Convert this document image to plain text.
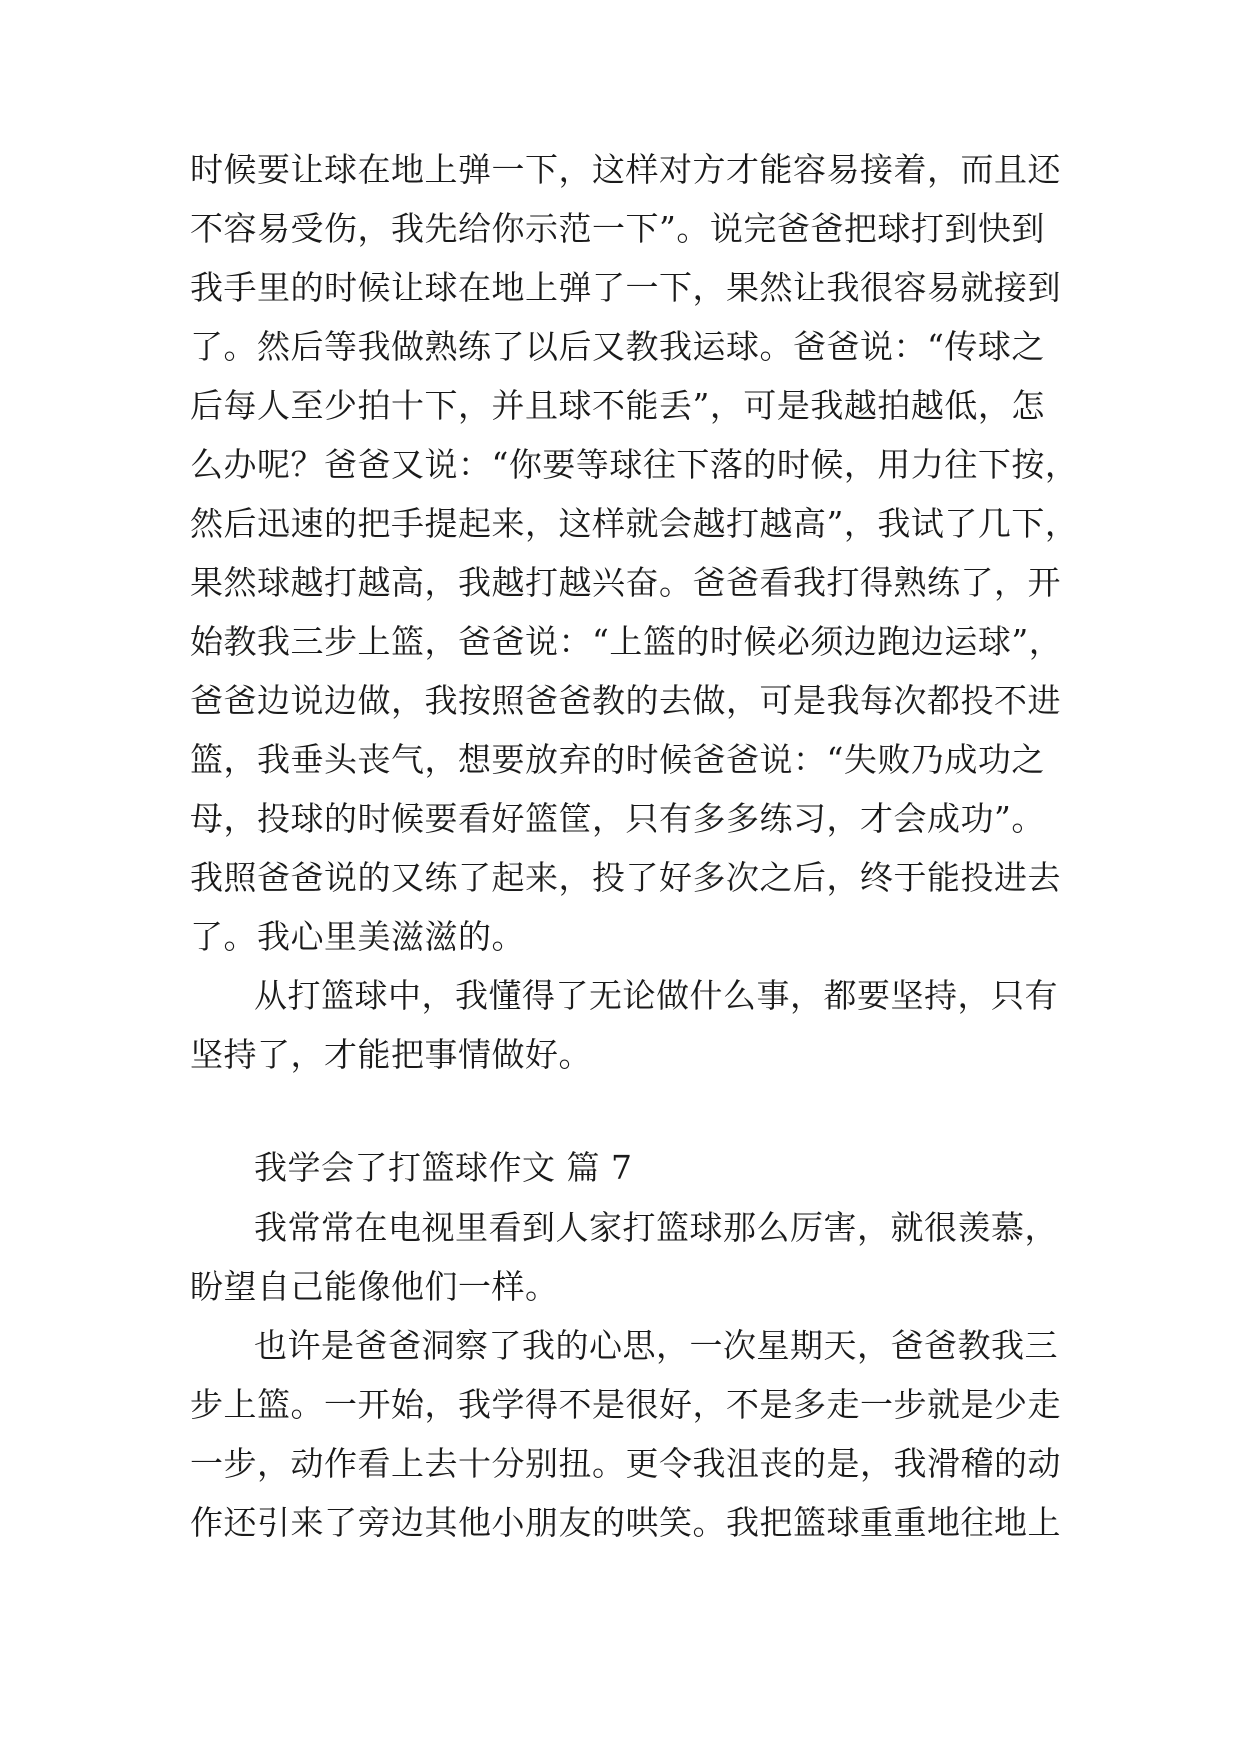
时候要让球在地上弹一下，这样对方才能容易接着，而且还
不容易受伤，我先给你示范一下”。说完爸爸把球打到快到
我手里的时候让球在地上弹了一下，果然让我很容易就接到
了。然后等我做熟练了以后又教我运球。爸爸说：“传球之
后每人至少拍十下，并且球不能丢”，可是我越拍越低，怎
么办呢？爸爸又说：“你要等球往下落的时候，用力往下按，
然后迅速的把手提起来，这样就会越打越高”，我试了几下，
果然球越打越高，我越打越兴奋。爸爸看我打得熟练了，开
始教我三步上篮，爸爸说：“上篮的时候必须边跑边运球”，
爸爸边说边做，我按照爸爸教的去做，可是我每次都投不进
篮，我垂头丧气，想要放弃的时候爸爸说：“失败乃成功之
母，投球的时候要看好篮筐，只有多多练习，才会成功”。
我照爸爸说的又练了起来，投了好多次之后，终于能投进去
了。我心里美滋滋的。
从打篮球中，我懂得了无论做什么事，都要坚持，只有
坚持了，才能把事情做好。
我学会了打篮球作文 篇 7
我常常在电视里看到人家打篮球那么厉害，就很羡慕，
盼望自己能像他们一样。
也许是爸爸洞察了我的心思，一次星期天，爸爸教我三
步上篮。一开始，我学得不是很好，不是多走一步就是少走
一步，动作看上去十分别扭。更令我沮丧的是，我滑稽的动
作还引来了旁边其他小朋友的哄笑。我把篮球重重地往地上
